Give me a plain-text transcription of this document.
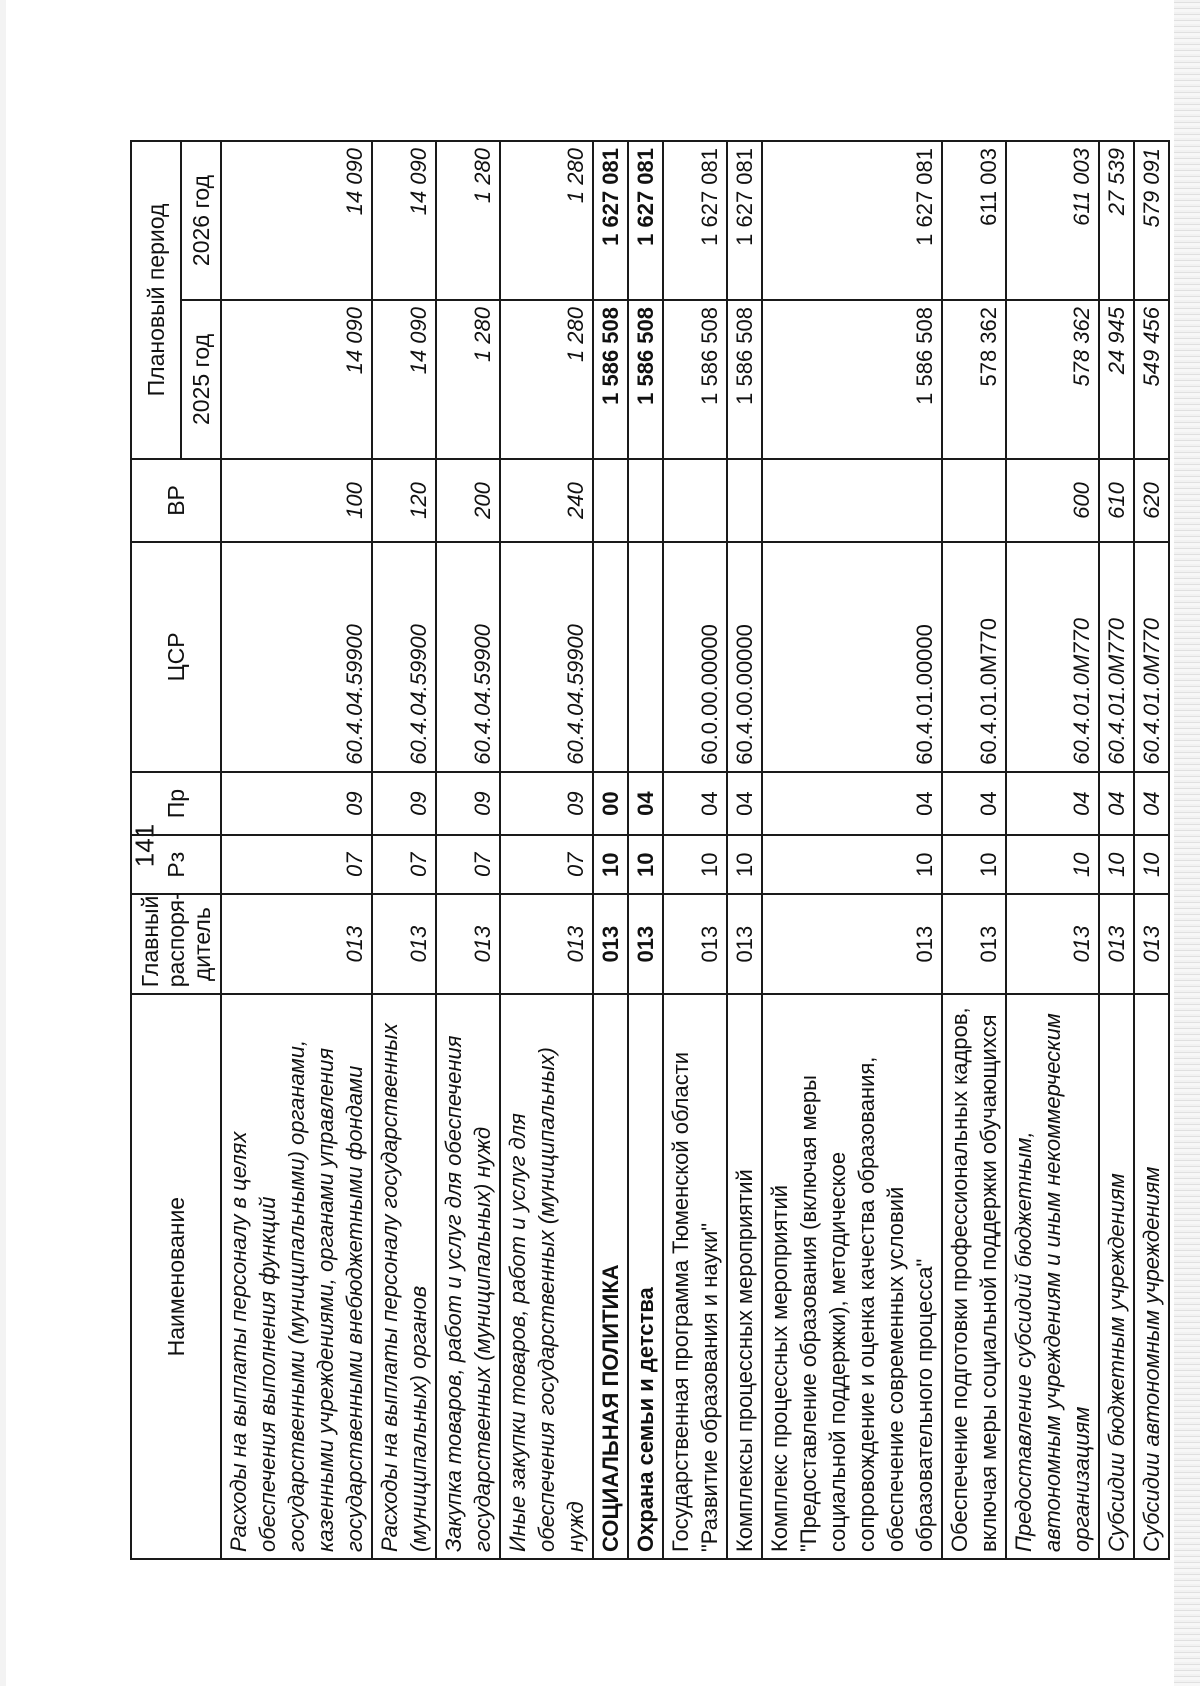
141
Наименование	Главный распоря- дитель	Рз	Пр	ЦСР	ВР	Плановый период	
						2025 год	2026 год
Расходы на выплаты персоналу в целях обеспечения выполнения функций государственными (муниципальными) органами, казенными учреждениями, органами управления государственными внебюджетными фондами	013	07	09	60.4.04.59900	100	14 090	14 090
Расходы на выплаты персоналу государственных (муниципальных) органов	013	07	09	60.4.04.59900	120	14 090	14 090
Закупка товаров, работ и услуг для обеспечения государственных (муниципальных) нужд	013	07	09	60.4.04.59900	200	1 280	1 280
Иные закупки товаров, работ и услуг для обеспечения государственных (муниципальных) нужд	013	07	09	60.4.04.59900	240	1 280	1 280
СОЦИАЛЬНАЯ ПОЛИТИКА	013	10	00			1 586 508	1 627 081
Охрана семьи и детства	013	10	04			1 586 508	1 627 081
Государственная программа Тюменской области "Развитие образования и науки"	013	10	04	60.0.00.00000		1 586 508	1 627 081
Комплексы процессных мероприятий	013	10	04	60.4.00.00000		1 586 508	1 627 081
Комплекс процессных мероприятий "Предоставление образования (включая меры социальной поддержки), методическое сопровождение и оценка качества образования, обеспечение современных условий образовательного процесса"	013	10	04	60.4.01.00000		1 586 508	1 627 081
Обеспечение подготовки профессиональных кадров, включая меры социальной поддержки обучающихся	013	10	04	60.4.01.0М770		578 362	611 003
Предоставление субсидий бюджетным, автономным учреждениям и иным некоммерческим организациям	013	10	04	60.4.01.0М770	600	578 362	611 003
Субсидии бюджетным учреждениям	013	10	04	60.4.01.0М770	610	24 945	27 539
Субсидии автономным учреждениям	013	10	04	60.4.01.0М770	620	549 456	579 091
